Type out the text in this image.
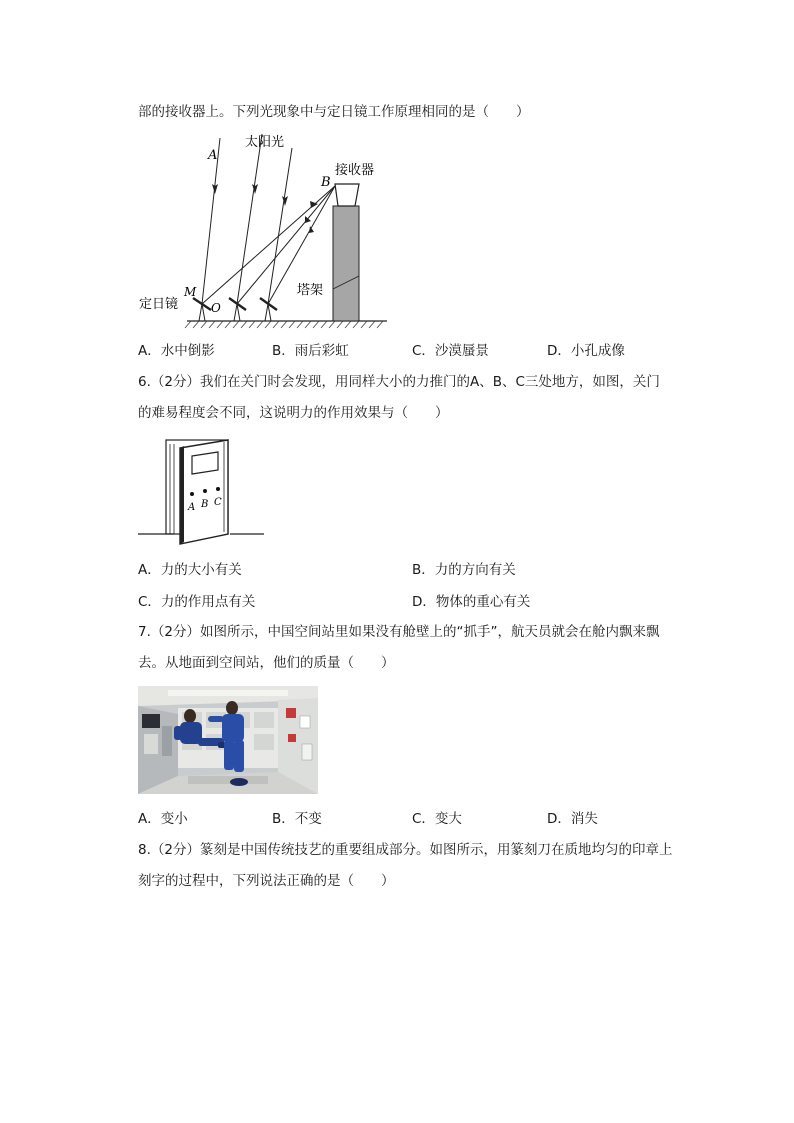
部的接收器上。下列光现象中与定日镜工作原理相同的是（　　）
A
太阳光
B
接收器
塔架
M
O
定日镜
A．水中倒影	B．雨后彩虹	C．沙漠蜃景	D．小孔成像
6.（2分）我们在关门时会发现，用同样大小的力推门的A、B、C三处地方，如图，关门
的难易程度会不同，这说明力的作用效果与（　　）
A B C
A．力的大小有关	B．力的方向有关
C．力的作用点有关	D．物体的重心有关
7.（2分）如图所示，中国空间站里如果没有舱壁上的“抓手”，航天员就会在舱内飘来飘
去。从地面到空间站，他们的质量（　　）
A．变小	B．不变	C．变大	D．消失
8.（2分）篆刻是中国传统技艺的重要组成部分。如图所示，用篆刻刀在质地均匀的印章上
刻字的过程中，下列说法正确的是（　　）
